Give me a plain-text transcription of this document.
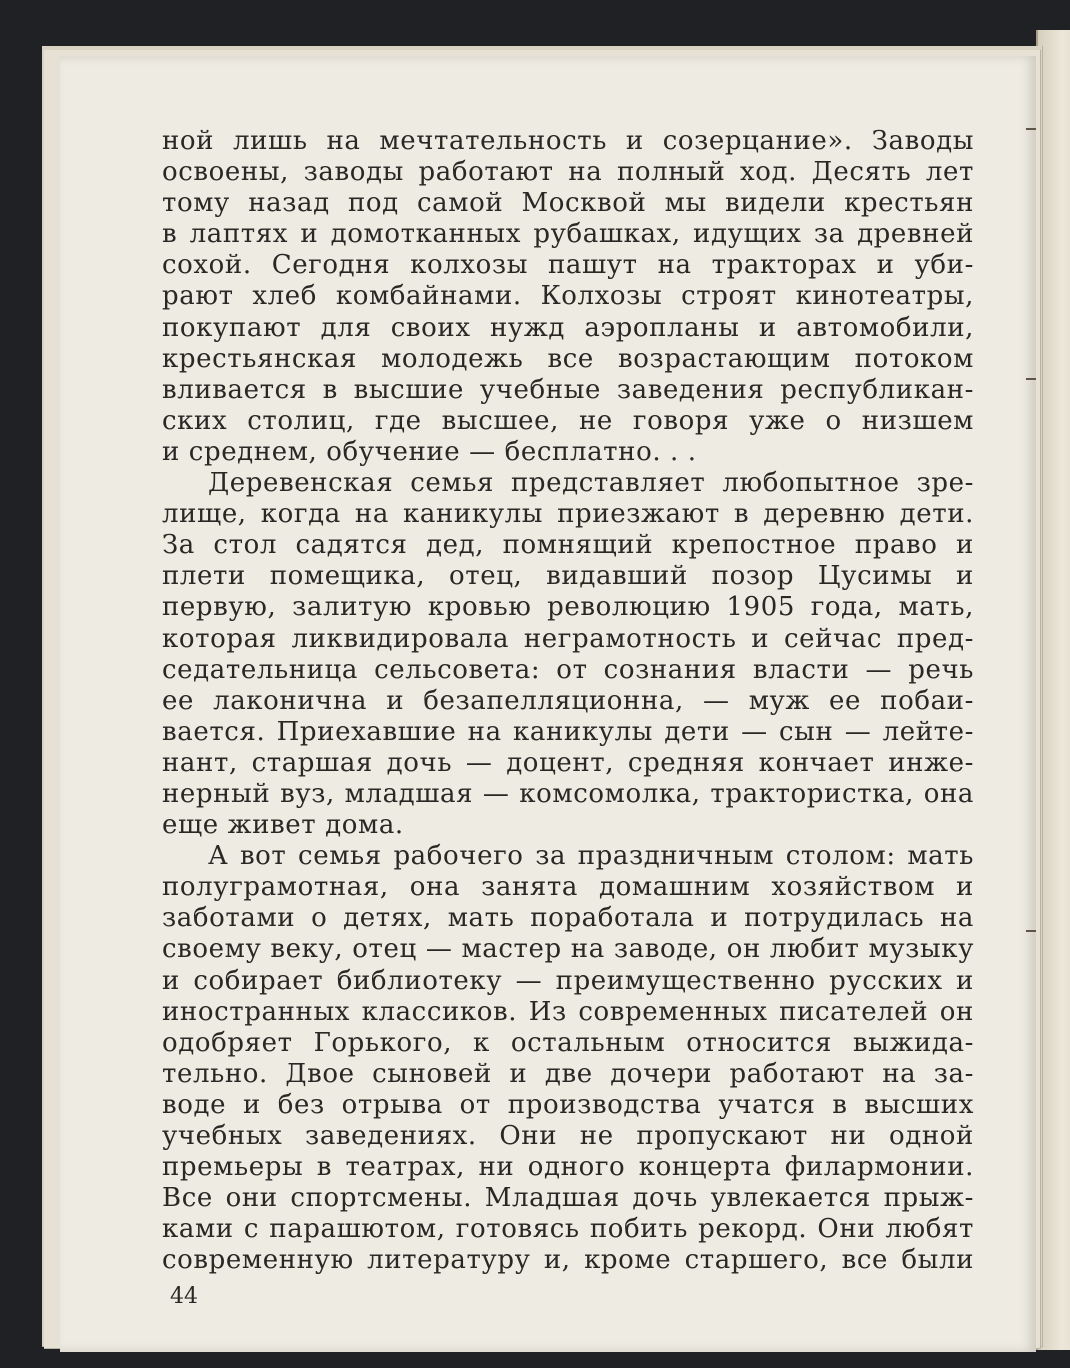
ной лишь на мечтательность и созерцание». Заводы
освоены, заводы работают на полный ход. Десять лет
тому назад под самой Москвой мы видели крестьян
в лаптях и домотканных рубашках, идущих за древней
сохой. Сегодня колхозы пашут на тракторах и уби-
рают хлеб комбайнами. Колхозы строят кинотеатры,
покупают для своих нужд аэропланы и автомобили,
крестьянская молодежь все возрастающим потоком
вливается в высшие учебные заведения республикан-
ских столиц, где высшее, не говоря уже о низшем
и среднем, обучение — бесплатно. . .
Деревенская семья представляет любопытное зре-
лище, когда на каникулы приезжают в деревню дети.
За стол садятся дед, помнящий крепостное право и
плети помещика, отец, видавший позор Цусимы и
первую, залитую кровью революцию 1905 года, мать,
которая ликвидировала неграмотность и сейчас пред-
седательница сельсовета: от сознания власти — речь
ее лаконична и безапелляционна, — муж ее побаи-
вается. Приехавшие на каникулы дети — сын — лейте-
нант, старшая дочь — доцент, средняя кончает инже-
нерный вуз, младшая — комсомолка, трактористка, она
еще живет дома.
А вот семья рабочего за праздничным столом: мать
полуграмотная, она занята домашним хозяйством и
заботами о детях, мать поработала и потрудилась на
своему веку, отец — мастер на заводе, он любит музыку
и собирает библиотеку — преимущественно русских и
иностранных классиков. Из современных писателей он
одобряет Горького, к остальным относится выжида-
тельно. Двое сыновей и две дочери работают на за-
воде и без отрыва от производства учатся в высших
учебных заведениях. Они не пропускают ни одной
премьеры в театрах, ни одного концерта филармонии.
Все они спортсмены. Младшая дочь увлекается прыж-
ками с парашютом, готовясь побить рекорд. Они любят
современную литературу и, кроме старшего, все были
44
